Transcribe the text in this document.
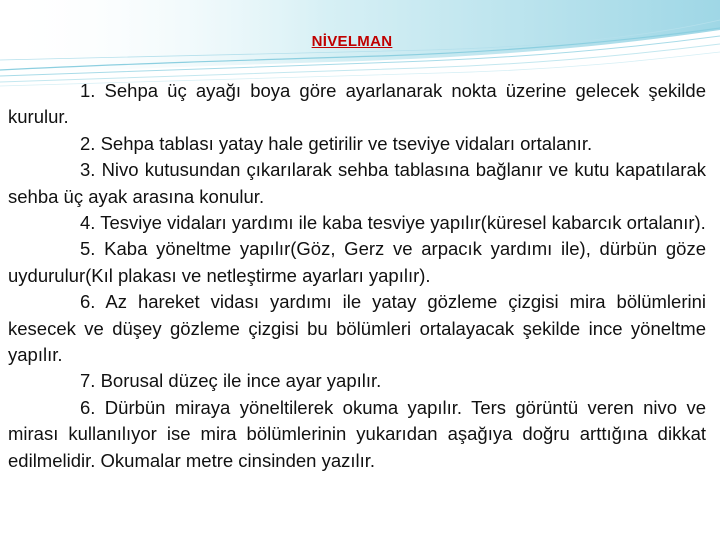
NİVELMAN

1. Sehpa üç ayağı boya göre ayarlanarak nokta üzerine gelecek şekilde kurulur.

2. Sehpa tablası yatay hale getirilir ve tseviye vidaları ortalanır.

3. Nivo kutusundan çıkarılarak sehba tablasına bağlanır ve kutu kapatılarak sehba üç ayak arasına konulur.

4. Tesviye vidaları yardımı ile kaba tesviye yapılır(küresel kabarcık ortalanır).

5. Kaba yöneltme yapılır(Göz, Gerz ve arpacık yardımı ile), dürbün göze uydurulur(Kıl plakası ve netleştirme ayarları yapılır).

6. Az hareket vidası yardımı ile yatay gözleme çizgisi mira bölümlerini kesecek ve düşey gözleme çizgisi bu bölümleri ortalayacak şekilde ince yöneltme yapılır.

7. Borusal düzeç ile ince ayar yapılır.

6. Dürbün miraya yöneltilerek okuma yapılır. Ters görüntü veren nivo ve mirası kullanılıyor ise mira bölümlerinin yukarıdan aşağıya doğru arttığına dikkat edilmelidir. Okumalar metre cinsinden yazılır.
